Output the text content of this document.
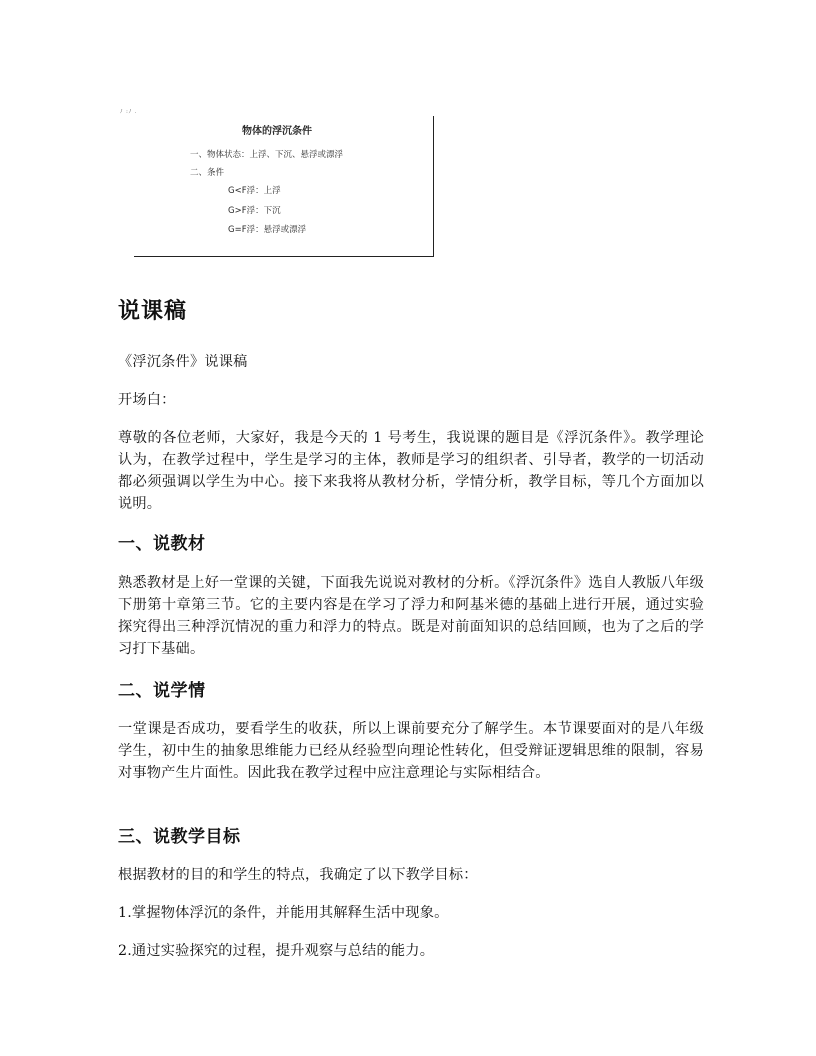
ﾉ :ﾉ .
物体的浮沉条件
一、物体状态：上浮、下沉、悬浮或漂浮
二、条件
G<F浮：上浮
G>F浮：下沉
G=F浮：悬浮或漂浮
说课稿

《浮沉条件》说课稿

开场白：

尊敬的各位老师，大家好，我是今天的 1 号考生，我说课的题目是《浮沉条件》。教学理论认为，在教学过程中，学生是学习的主体，教师是学习的组织者、引导者，教学的一切活动都必须强调以学生为中心。接下来我将从教材分析，学情分析，教学目标，等几个方面加以说明。

一、说教材

熟悉教材是上好一堂课的关键，下面我先说说对教材的分析。《浮沉条件》选自人教版八年级下册第十章第三节。它的主要内容是在学习了浮力和阿基米德的基础上进行开展，通过实验探究得出三种浮沉情况的重力和浮力的特点。既是对前面知识的总结回顾，也为了之后的学习打下基础。

二、说学情

一堂课是否成功，要看学生的收获，所以上课前要充分了解学生。本节课要面对的是八年级学生，初中生的抽象思维能力已经从经验型向理论性转化，但受辩证逻辑思维的限制，容易对事物产生片面性。因此我在教学过程中应注意理论与实际相结合。

三、说教学目标

根据教材的目的和学生的特点，我确定了以下教学目标：

1.掌握物体浮沉的条件，并能用其解释生活中现象。

2.通过实验探究的过程，提升观察与总结的能力。
